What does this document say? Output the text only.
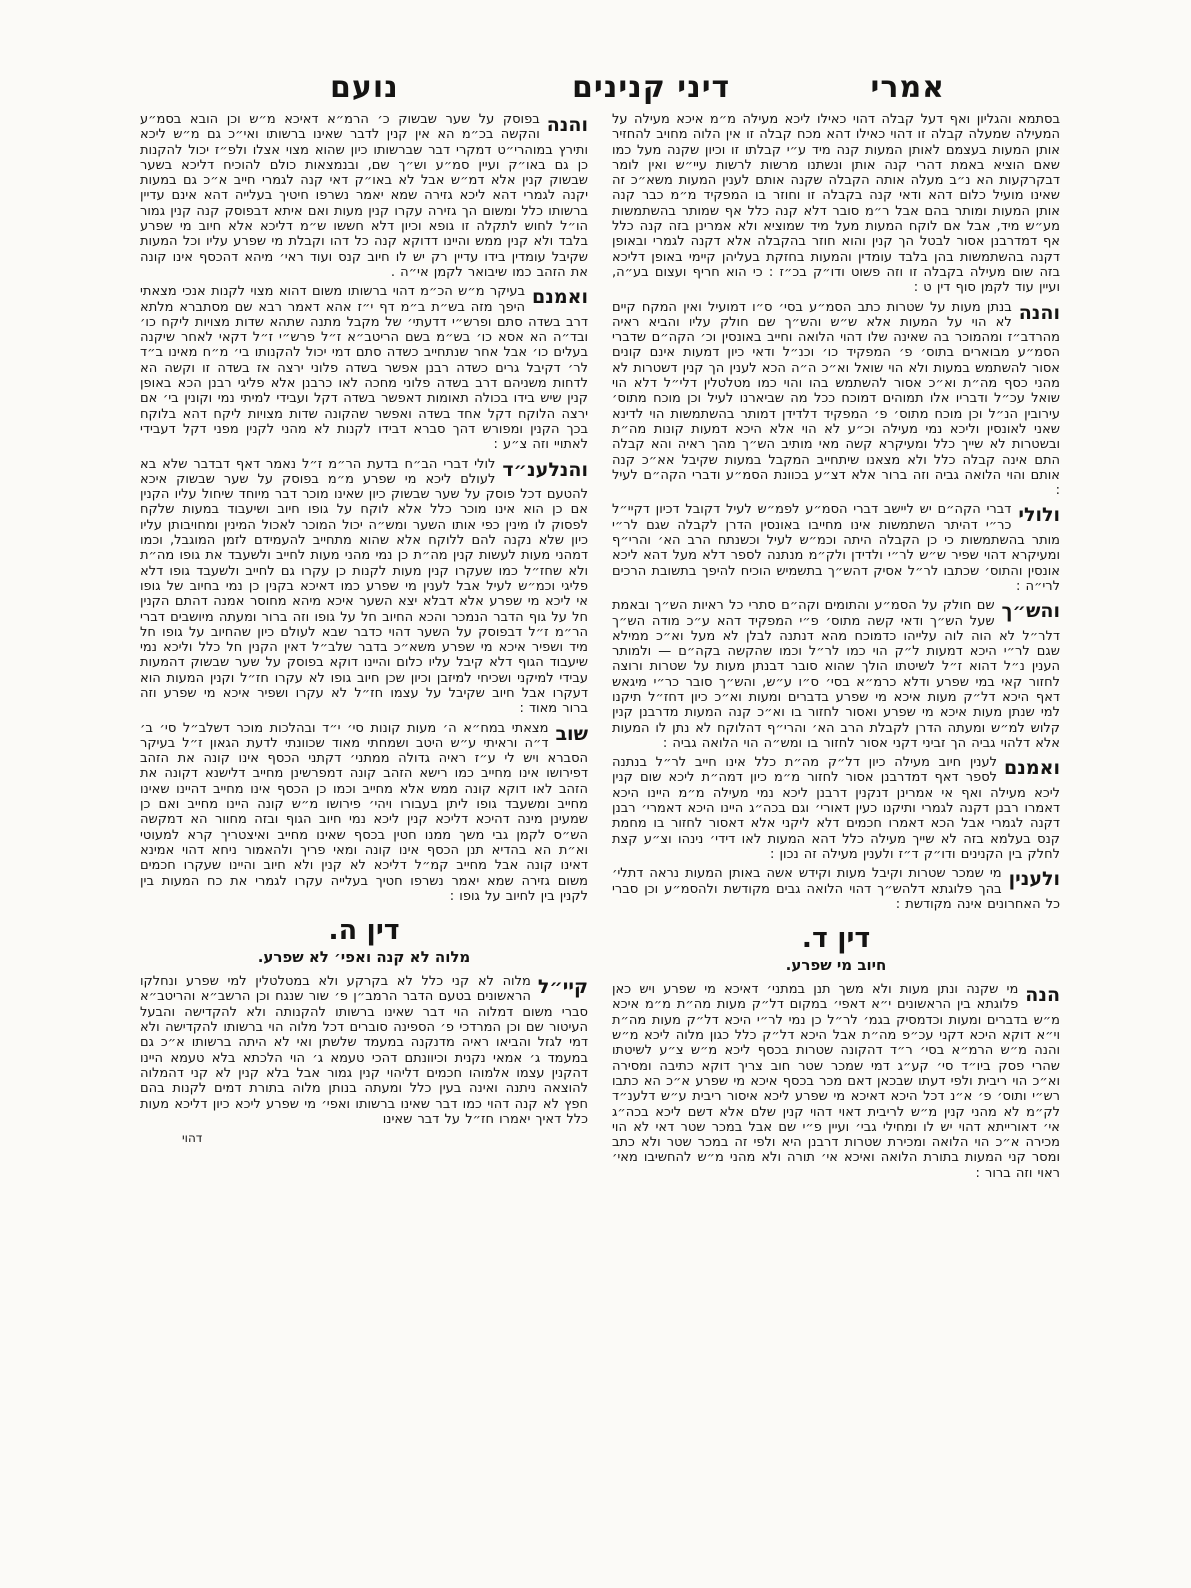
אמרי
דיני קנינים
נועם

בסתמא והגליון ואף דעל קבלה דהוי כאילו ליכא מעילה מ״מ איכא מעילה על המעילה שמעלה קבלה זו דהוי כאילו דהא מכח קבלה זו אין הלוה מחויב להחזיר אותן המעות בעצמם לאותן המעות קנה מיד ע״י קבלתו זו וכיון שקנה מעל כמו שאם הוציא באמת דהרי קנה אותן ונשתנו מרשות לרשות עיי״ש ואין לומר דבקרקעות הא נ״ב מעלה אותה הקבלה שקנה אותם לענין המעות משא״כ זה שאינו מועיל כלום דהא ודאי קנה בקבלה זו וחוזר בו המפקיד מ״מ כבר קנה אותן המעות ומותר בהם אבל ר״מ סובר דלא קנה כלל אף שמותר בהשתמשות מע״ש מיד, אבל אם לוקח המעות מעל מיד שמוציא ולא אמרינן בזה קנה כלל אף דמדרבנן אסור לבטל הך קנין והוא חוזר בהקבלה אלא דקנה לגמרי ובאופן דקנה בהשתמשות בהן בלבד עומדין והמעות בחזקת בעליהן קיימי באופן דליכא בזה שום מעילה בקבלה זו וזה פשוט ודו״ק בכ״ז : כי הוא חריף ועצום בע״ה, ועיין עוד לקמן סוף דין ט :

והנה
בנתן מעות על שטרות כתב הסמ״ע בסי׳ ס״ו דמועיל ואין המקח קיים לא הוי על המעות אלא ש״ש והש״ך שם חולק עליו והביא ראיה מהרדב״ז ומהמוכר בה שאינה שלו דהוי הלואה וחייב באונסין וכ׳ הקה״ם שדברי הסמ״ע מבוארים בתוס׳ פ׳ המפקיד כו׳ וכנ״ל ודאי כיון דמעות אינם קונים אסור להשתמש במעות ולא הוי שואל וא״כ ה״ה הכא לענין הך קנין דשטרות לא מהני כסף מה״ת וא״כ אסור להשתמש בהו והוי כמו מטלטלין דלי״ל דלא הוי שואל עכ״ל ודבריו אלו תמוהים דמוכח ככל מה שביארנו לעיל וכן מוכח מתוס׳ עירובין הנ״ל וכן מוכח מתוס׳ פ׳ המפקיד דלדידן דמותר בהשתמשות הוי לדינא שאני לאונסין וליכא נמי מעילה וכ״ע לא הוי אלא היכא דמעות קונות מה״ת ובשטרות לא שייך כלל ומעיקרא קשה מאי מותיב הש״ך מהך ראיה והא קבלה התם אינה קבלה כלל ולא מצאנו שיתחייב המקבל במעות שקיבל אא״כ קנה אותם והוי הלואה גביה וזה ברור אלא דצ״ע בכוונת הסמ״ע ודברי הקה״ם לעיל :

ולולי
דברי הקה״ם יש ליישב דברי הסמ״ע לפמ״ש לעיל דקובל דכיון דקיי״ל כר״י דהיתר השתמשות אינו מחייבו באונסין הדרן לקבלה שגם לר״י מותר בהשתמשות כי כן הקבלה היתה וכמ״ש לעיל וכשנתח הרב הא׳ והרי״ף ומעיקרא דהוי שפיר ש״ש לר״י ולדידן ולק״מ מנתנה לספר דלא מעל דהא ליכא אונסין והתוס׳ שכתבו לר״ל אסיק דהש״ך בתשמיש הוכיח להיפך בתשובת הרכים לרי״ה :

והש״ך
שם חולק על הסמ״ע והתומים וקה״ם סתרי כל ראיות הש״ך ובאמת שעל הש״ך ודאי קשה מתוס׳ פ״י המפקיד דהא ע״כ מודה הש״ך דלר״ל לא הוה לוה עלייהו כדמוכח מהא דנתנה לבלן לא מעל וא״כ ממילא שגם לר״י היכא דמעות ל״ק הוי כמו לר״ל וכמו שהקשה בקה״ם — ולמותר הענין נ״ל דהוא ז״ל לשיטתו הולך שהוא סובר דבנתן מעות על שטרות ורוצה לחזור קאי במי שפרע ודלא כרמ״א בסי׳ ס״ו ע״ש, והש״ך סובר כר״י מיגאש דאף היכא דל״ק מעות איכא מי שפרע בדברים ומעות וא״כ כיון דחז״ל תיקנו למי שנתן מעות איכא מי שפרע ואסור לחזור בו וא״כ קנה המעות מדרבנן קנין קלוש למ״ש ומעתה הדרן לקבלת הרב הא׳ והרי״ף דהלוקח לא נתן לו המעות אלא דלהוי גביה הך זביני דקני אסור לחזור בו ומש״ה הוי הלואה גביה :

ואמנם
לענין חיוב מעילה כיון דל״ק מה״ת כלל אינו חייב לר״ל בנתנה לספר דאף דמדרבנן אסור לחזור מ״מ כיון דמה״ת ליכא שום קנין ליכא מעילה ואף אי אמרינן דנקנין דרבנן ליכא נמי מעילה מ״מ היינו היכא דאמרו רבנן דקנה לגמרי ותיקנו כעין דאורי׳ וגם בכה״ג היינו היכא דאמרי׳ רבנן דקנה לגמרי אבל הכא דאמרו חכמים דלא ליקני אלא דאסור לחזור בו מחמת קנס בעלמא בזה לא שייך מעילה כלל דהא המעות לאו דידי׳ נינהו וצ״ע קצת לחלק בין הקנינים ודו״ק ד״ז ולענין מעילה זה נכון :

ולענין
מי שמכר שטרות וקיבל מעות וקידש אשה באותן המעות נראה דתלי׳ בהך פלוגתא דלהש״ך דהוי הלואה גבים מקודשת ולהסמ״ע וכן סברי כל האחרונים אינה מקודשת :

דין ד.
חיוב מי שפרע.

הנה
מי שקנה ונתן מעות ולא משך תנן במתני׳ דאיכא מי שפרע ויש כאן פלוגתא בין הראשונים י״א דאפי׳ במקום דל״ק מעות מה״ת מ״מ איכא מ״ש בדברים ומעות וכדמסיק בגמ׳ לר״ל כן נמי לר״י היכא דל״ק מעות מה״ת וי״א דוקא היכא דקני עכ״פ מה״ת אבל היכא דל״ק כלל כגון מלוה ליכא מ״ש והנה מ״ש הרמ״א בסי׳ ר״ד דהקונה שטרות בכסף ליכא מ״ש צ״ע לשיטתו שהרי פסק ביו״ד סי׳ קע״ג דמי שמכר שטר חוב צריך דוקא כתיבה ומסירה וא״כ הוי ריבית ולפי דעתו שבכאן דאם מכר בכסף איכא מי שפרע א״כ הא כתבו רש״י ותוס׳ פ׳ א״נ דכל היכא דאיכא מי שפרע ליכא איסור ריבית ע״ש דלענ״ד לק״מ לא מהני קנין מ״ש לריבית דאוי דהוי קנין שלם אלא דשם ליכא בכה״ג אי׳ דאורייתא דהוי יש לו ומחילי גבי׳ ועיין פ״י שם אבל במכר שטר דאי לא הוי מכירה א״כ הוי הלואה ומכירת שטרות דרבנן היא ולפי זה במכר שטר ולא כתב ומסר קני המעות בתורת הלואה ואיכא אי׳ תורה ולא מהני מ״ש להחשיבו מאי׳ ראוי וזה ברור :

והנה
בפוסק על שער שבשוק כ׳ הרמ״א דאיכא מ״ש וכן הובא בסמ״ע והקשה בכ״מ הא אין קנין לדבר שאינו ברשותו ואי״כ גם מ״ש ליכא ותירץ במוהרי״ט דמקרי דבר שברשותו כיון שהוא מצוי אצלו ולפ״ז יכול להקנות כן גם באו״ק ועיין סמ״ע וש״ך שם, ובנמצאות כולם להוכיח דליכא בשער שבשוק קנין אלא דמ״ש אבל לא באו״ק דאי קנה לגמרי חייב א״כ גם במעות יקנה לגמרי דהא ליכא גזירה שמא יאמר נשרפו חיטיך בעלייה דהא אינם עדיין ברשותו כלל ומשום הך גזירה עקרו קנין מעות ואם איתא דבפוסק קנה קנין גמור הו״ל לחוש לתקלה זו גופא וכיון דלא חששו ש״מ דליכא אלא חיוב מי שפרע בלבד ולא קנין ממש והיינו דדוקא קנה כל דהו וקבלת מי שפרע עליו וכל המעות שקיבל עומדין בידו עדיין רק יש לו חיוב קנס ועוד ראי׳ מיהא דהכסף אינו קונה את הזהב כמו שיבואר לקמן אי״ה .

ואמנם
בעיקר מ״ש הכ״מ דהוי ברשותו משום דהוא מצוי לקנות אנכי מצאתי היפך מזה בש״ת ב״מ דף י״ז אהא דאמר רבא שם מסתברא מלתא דרב בשדה סתם ופרש״י דדעתי׳ של מקבל מתנה שתהא שדות מצויות ליקח כו׳ ובד״ה הא אסא כו׳ בש״מ בשם הריטב״א ז״ל פרש״י ז״ל דקאי לאחר שיקנה בעלים כו׳ אבל אחר שנתחייב כשדה סתם דמי יכול להקנותו בי׳ מ״ח מאינו ב״ד לר׳ דקיבל גרים כשדה רבנן אפשר בשדה פלוני ירצה אז בשדה זו וקשה הא לדחות משניהם דרב בשדה פלוני מחכה לאו כרבנן אלא פליגי רבנן הכא באופן קנין שיש בידו בכולה תאומות דאפשר בשדה דקל ועבידי למיתי נמי וקונין בי׳ אם ירצה הלוקח דקל אחד בשדה ואפשר שהקונה שדות מצויות ליקח דהא בלוקח בכך הקנין ומפורש דהך סברא דבידו לקנות לא מהני לקנין מפני דקל דעבידי לאתויי וזה צ״ע :

והנלענ״ד
לולי דברי הב״ח בדעת הר״מ ז״ל נאמר דאף דבדבר שלא בא לעולם ליכא מי שפרע מ״מ בפוסק על שער שבשוק איכא להטעם דכל פוסק על שער שבשוק כיון שאינו מוכר דבר מיוחד שיחול עליו הקנין אם כן הוא אינו מוכר כלל אלא לוקח על גופו חיוב ושיעבוד במעות שלקח לפסוק לו מינין כפי אותו השער ומש״ה יכול המוכר לאכול המינין ומחויבותן עליו כיון שלא נקנה להם ללוקח אלא שהוא מתחייב להעמידם לזמן המוגבל, וכמו דמהני מעות לעשות קנין מה״ת כן נמי מהני מעות לחייב ולשעבד את גופו מה״ת ולא שחז״ל כמו שעקרו קנין מעות לקנות כן עקרו גם לחייב ולשעבד גופו דלא פליגי וכמ״ש לעיל אבל לענין מי שפרע כמו דאיכא בקנין כן נמי בחיוב של גופו אי ליכא מי שפרע אלא דבלא יצא השער איכא מיהא מחוסר אמנה דהתם הקנין חל על גוף הדבר הנמכר והכא החיוב חל על גופו וזה ברור ומעתה מיושבים דברי הר״מ ז״ל דבפוסק על השער דהוי כדבר שבא לעולם כיון שהחיוב על גופו חל מיד ושפיר איכא מי שפרע משא״כ בדבר שלב״ל דאין הקנין חל כלל וליכא נמי שיעבוד הגוף דלא קיבל עליו כלום והיינו דוקא בפוסק על שער שבשוק דהמעות עבידי למיקני ושכיחי למיזבן וכיון שכן חיוב גופו לא עקרו חז״ל וקנין המעות הוא דעקרו אבל חיוב שקיבל על עצמו חז״ל לא עקרו ושפיר איכא מי שפרע וזה ברור מאוד :

שוב
מצאתי במח״א ה׳ מעות קונות סי׳ י״ד ובהלכות מוכר דשלב״ל סי׳ ב׳ ד״ה וראיתי ע״ש היטב ושמחתי מאוד שכוונתי לדעת הגאון ז״ל בעיקר הסברא ויש לי ע״ז ראיה גדולה ממתני׳ דקתני הכסף אינו קונה את הזהב דפירושו אינו מחייב כמו רישא הזהב קונה דמפרשינן מחייב דלישנא דקונה את הזהב לאו דוקא קונה ממש אלא מחייב וכמו כן הכסף אינו מחייב דהיינו שאינו מחייב ומשעבד גופו ליתן בעבורו ויהי׳ פירושו מ״ש קונה היינו מחייב ואם כן שמעינן מינה דהיכא דליכא קנין ליכא נמי חיוב הגוף ובזה מחוור הא דמקשה הש״ס לקמן גבי משך ממנו חטין בכסף שאינו מחייב ואיצטריך קרא למעוטי וא״ת הא בהדיא תנן הכסף אינו קונה ומאי פריך ולהאמור ניחא דהוי אמינא דאינו קונה אבל מחייב קמ״ל דליכא לא קנין ולא חיוב והיינו שעקרו חכמים משום גזירה שמא יאמר נשרפו חטיך בעלייה עקרו לגמרי את כח המעות בין לקנין בין לחיוב על גופו :

דין ה.
מלוה לא קנה ואפי׳ לא שפרע.

קיי״ל
מלוה לא קני כלל לא בקרקע ולא במטלטלין למי שפרע ונחלקו הראשונים בטעם הדבר הרמב״ן פ׳ שור שנגח וכן הרשב״א והריטב״א סברי משום דמלוה הוי דבר שאינו ברשותו להקנותה ולא להקדישה והבעל העיטור שם וכן המרדכי פ׳ הספינה סוברים דכל מלוה הוי ברשותו להקדישה ולא דמי לגזל והביאו ראיה מדנקנה במעמד שלשתן ואי לא היתה ברשותו א״כ גם במעמד ג׳ אמאי נקנית וכיוונתם דהכי טעמא ג׳ הוי הלכתא בלא טעמא היינו דהקנין עצמו אלמוהו חכמים דליהוי קנין גמור אבל בלא קנין לא קני דהמלוה להוצאה ניתנה ואינה בעין כלל ומעתה בנותן מלוה בתורת דמים לקנות בהם חפץ לא קנה דהוי כמו דבר שאינו ברשותו ואפי׳ מי שפרע ליכא כיון דליכא מעות כלל דאיך יאמרו חז״ל על דבר שאינו

דהוי
